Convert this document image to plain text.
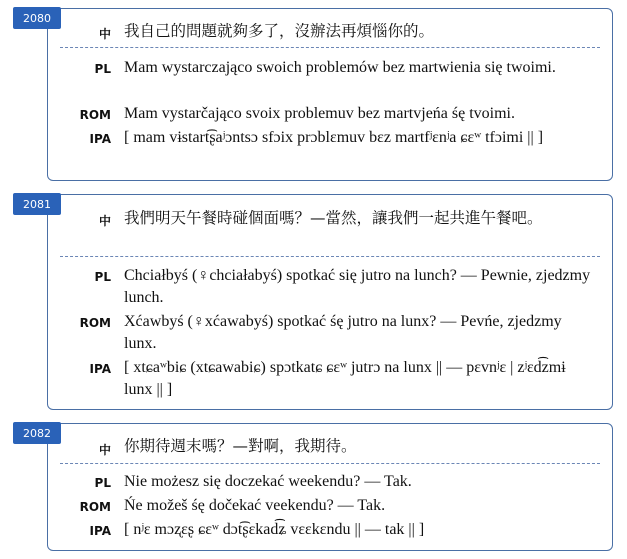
2080
中 我自己的問題就夠多了，沒辦法再煩惱你的。
PL Mam wystarczająco swoich problemów bez martwienia się twoimi.
ROM Mam vystarčająco svoix problemuv bez martvjeńa śę tvoimi.
IPA [ mam vɨstart͡ʂaʲɔntsɔ sfɔix prɔblɛmuv bɛz martfʲɛnʲa ɕɛʷ tfɔimi || ]
2081
中 我們明天午餐時碰個面嗎？—當然，讓我們一起共進午餐吧。
PL Chciałbyś (♀chciałabyś) spotkać się jutro na lunch? — Pewnie, zjedzmy lunch.
ROM Xćawbyś (♀xćawabyś) spotkać śę jutro na lunx? — Pevńe, zjedzmy lunx.
IPA [ xtɕaʷbiɕ (xtɕawabiɕ) spɔtkatɕ ɕɛʷ jutrɔ na lunx || — pɛvnʲɛ | zʲɛd͡zmɨ lunx || ]
2082
中 你期待週末嗎？—對啊，我期待。
PL Nie możesz się doczekać weekendu? — Tak.
ROM Ńe možeš śę dočekać veekendu? — Tak.
IPA [ nʲɛ mɔʐɛʂ ɕɛʷ dɔt͡ʂɛkad͡ʑ vɛɛkɛndu || — tak || ]
